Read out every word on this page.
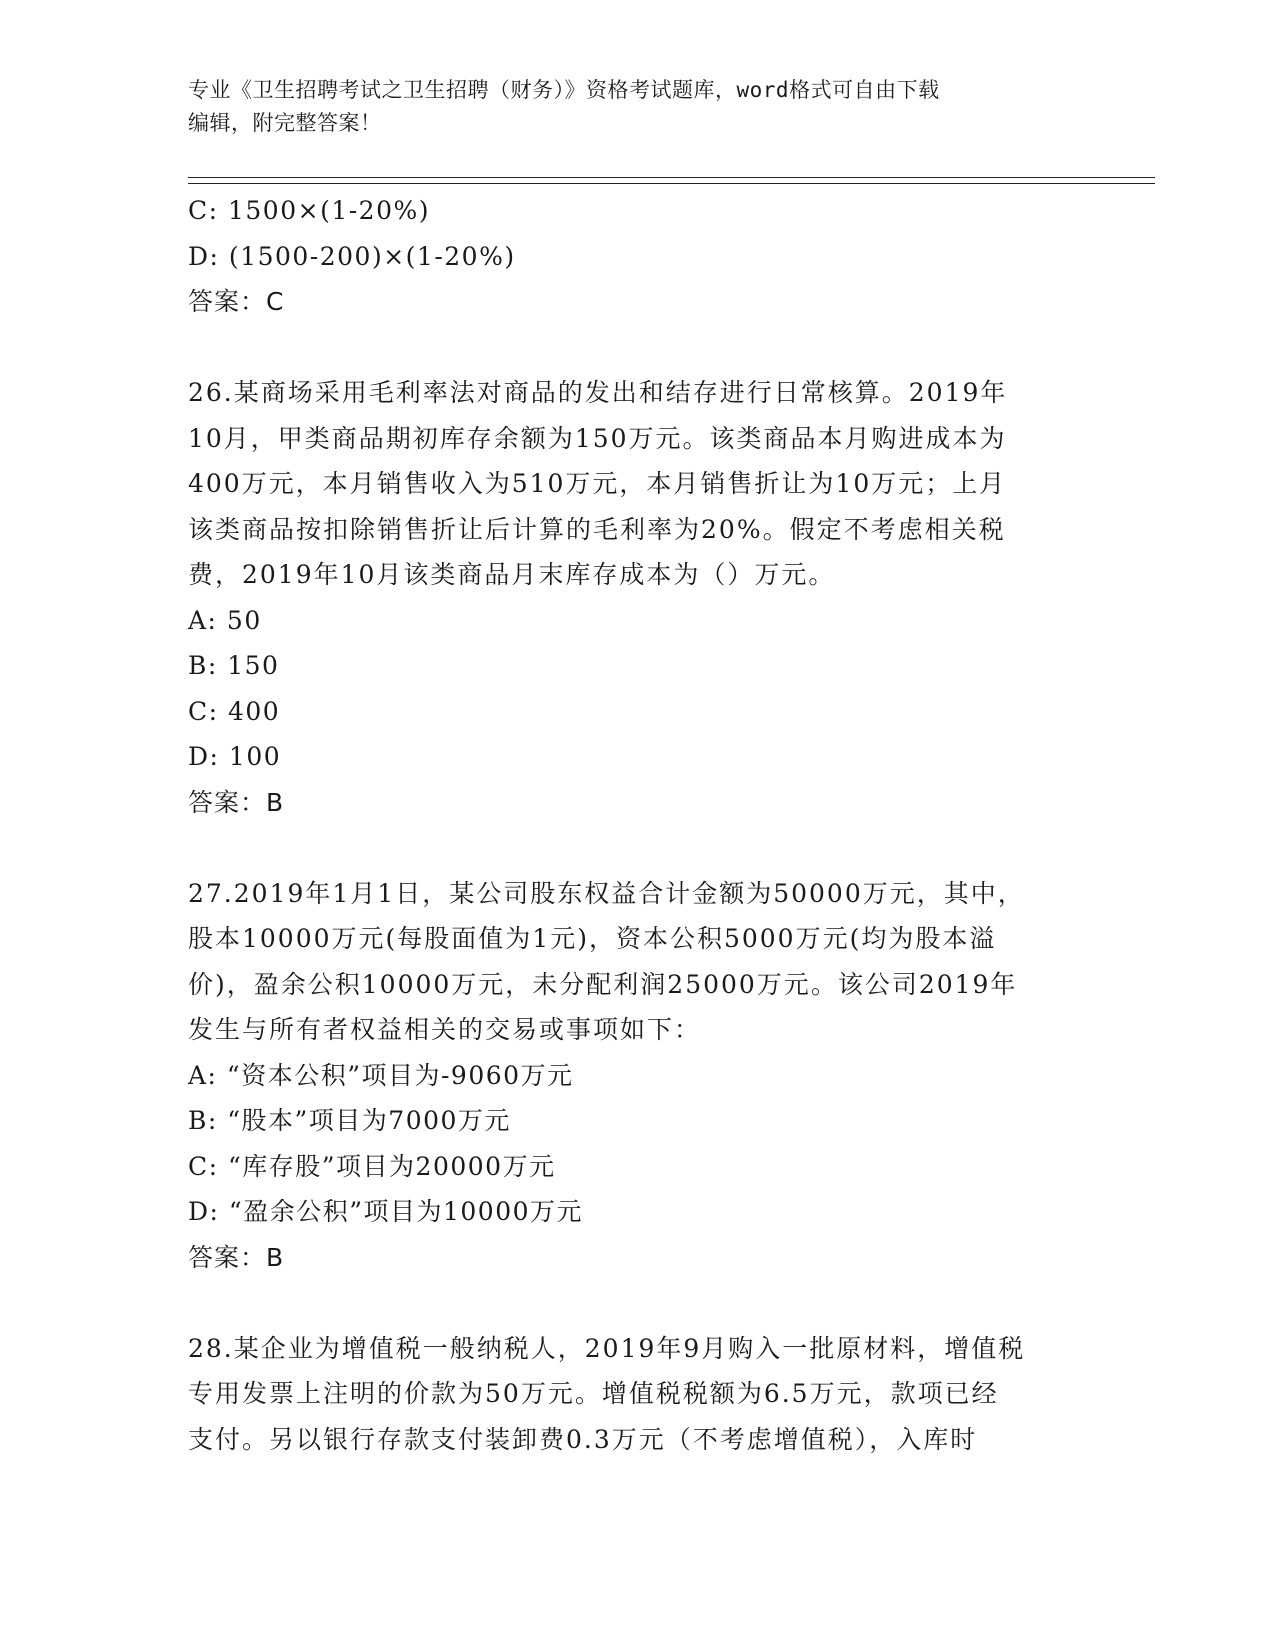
专业《卫生招聘考试之卫生招聘（财务）》资格考试题库，word格式可自由下载
编辑，附完整答案！
C: 1500×(1-20%)
D: (1500-200)×(1-20%)
答案：C
26.某商场采用毛利率法对商品的发出和结存进行日常核算。2019年
10月，甲类商品期初库存余额为150万元。该类商品本月购进成本为
400万元，本月销售收入为510万元，本月销售折让为10万元；上月
该类商品按扣除销售折让后计算的毛利率为20%。假定不考虑相关税
费，2019年10月该类商品月末库存成本为（）万元。
A: 50
B: 150
C: 400
D: 100
答案：B
27.2019年1月1日，某公司股东权益合计金额为50000万元，其中，
股本10000万元(每股面值为1元)，资本公积5000万元(均为股本溢
价)，盈余公积10000万元，未分配利润25000万元。该公司2019年
发生与所有者权益相关的交易或事项如下：
A: “资本公积”项目为-9060万元
B: “股本”项目为7000万元
C: “库存股”项目为20000万元
D: “盈余公积”项目为10000万元
答案：B
28.某企业为增值税一般纳税人，2019年9月购入一批原材料，增值税
专用发票上注明的价款为50万元。增值税税额为6.5万元，款项已经
支付。另以银行存款支付装卸费0.3万元（不考虑增值税），入库时
